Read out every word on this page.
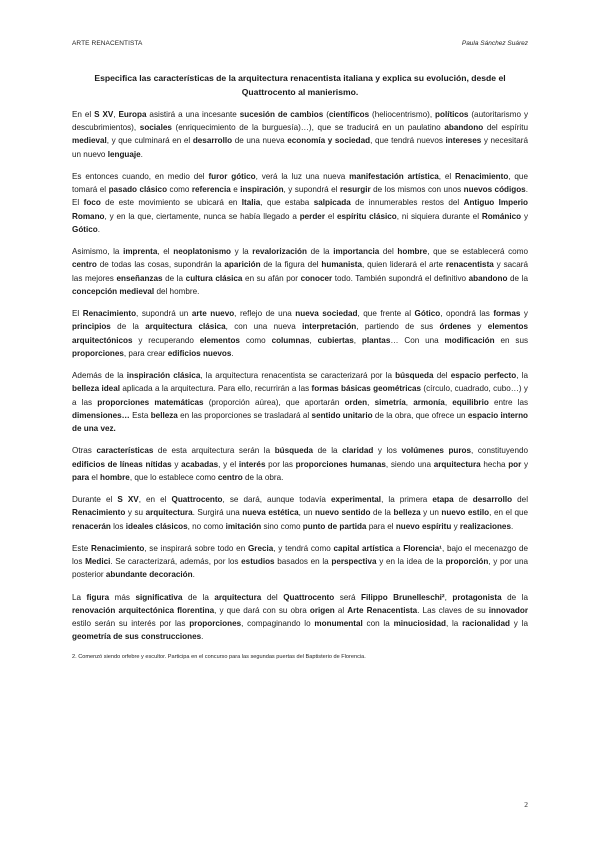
ARTE RENACENTISTA	Paula Sánchez Suárez

Especifica las características de la arquitectura renacentista italiana y explica su evolución, desde el Quattrocento al manierismo.

En el S XV, Europa asistirá a una incesante sucesión de cambios (científicos (heliocentrismo), políticos (autoritarismo y descubrimientos), sociales (enriquecimiento de la burguesía)…), que se traducirá en un paulatino abandono del espíritu medieval, y que culminará en el desarrollo de una nueva economía y sociedad, que tendrá nuevos intereses y necesitará un nuevo lenguaje.

Es entonces cuando, en medio del furor gótico, verá la luz una nueva manifestación artística, el Renacimiento, que tomará el pasado clásico como referencia e inspiración, y supondrá el resurgir de los mismos con unos nuevos códigos. El foco de este movimiento se ubicará en Italia, que estaba salpicada de innumerables restos del Antiguo Imperio Romano, y en la que, ciertamente, nunca se había llegado a perder el espíritu clásico, ni siquiera durante el Románico y Gótico.

Asimismo, la imprenta, el neoplatonismo y la revalorización de la importancia del hombre, que se establecerá como centro de todas las cosas, supondrán la aparición de la figura del humanista, quien liderará el arte renacentista y sacará las mejores enseñanzas de la cultura clásica en su afán por conocer todo. También supondrá el definitivo abandono de la concepción medieval del hombre.

El Renacimiento, supondrá un arte nuevo, reflejo de una nueva sociedad, que frente al Gótico, opondrá las formas y principios de la arquitectura clásica, con una nueva interpretación, partiendo de sus órdenes y elementos arquitectónicos y recuperando elementos como columnas, cubiertas, plantas… Con una modificación en sus proporciones, para crear edificios nuevos.

Además de la inspiración clásica, la arquitectura renacentista se caracterizará por la búsqueda del espacio perfecto, la belleza ideal aplicada a la arquitectura. Para ello, recurrirán a las formas básicas geométricas (círculo, cuadrado, cubo…) y a las proporciones matemáticas (proporción aúrea), que aportarán orden, simetría, armonía, equilibrio entre las dimensiones… Esta belleza en las proporciones se trasladará al sentido unitario de la obra, que ofrece un espacio interno de una vez.

Otras características de esta arquitectura serán la búsqueda de la claridad y los volúmenes puros, constituyendo edificios de líneas nítidas y acabadas, y el interés por las proporciones humanas, siendo una arquitectura hecha por y para el hombre, que lo establece como centro de la obra.

Durante el S XV, en el Quattrocento, se dará, aunque todavía experimental, la primera etapa de desarrollo del Renacimiento y su arquitectura. Surgirá una nueva estética, un nuevo sentido de la belleza y un nuevo estilo, en el que renacerán los ideales clásicos, no como imitación sino como punto de partida para el nuevo espíritu y realizaciones.

Este Renacimiento, se inspirará sobre todo en Grecia, y tendrá como capital artística a Florencia¹, bajo el mecenazgo de los Medici. Se caracterizará, además, por los estudios basados en la perspectiva y en la idea de la proporción, y por una posterior abundante decoración.

La figura más significativa de la arquitectura del Quattrocento será Filippo Brunelleschi², protagonista de la renovación arquitectónica florentina, y que dará con su obra origen al Arte Renacentista. Las claves de su innovador estilo serán su interés por las proporciones, compaginando lo monumental con la minuciosidad, la racionalidad y la geometría de sus construcciones.

2. Comenzó siendo orfebre y escultor. Participa en el concurso para las segundas puertas del Baptisterio de Florencia.
2
